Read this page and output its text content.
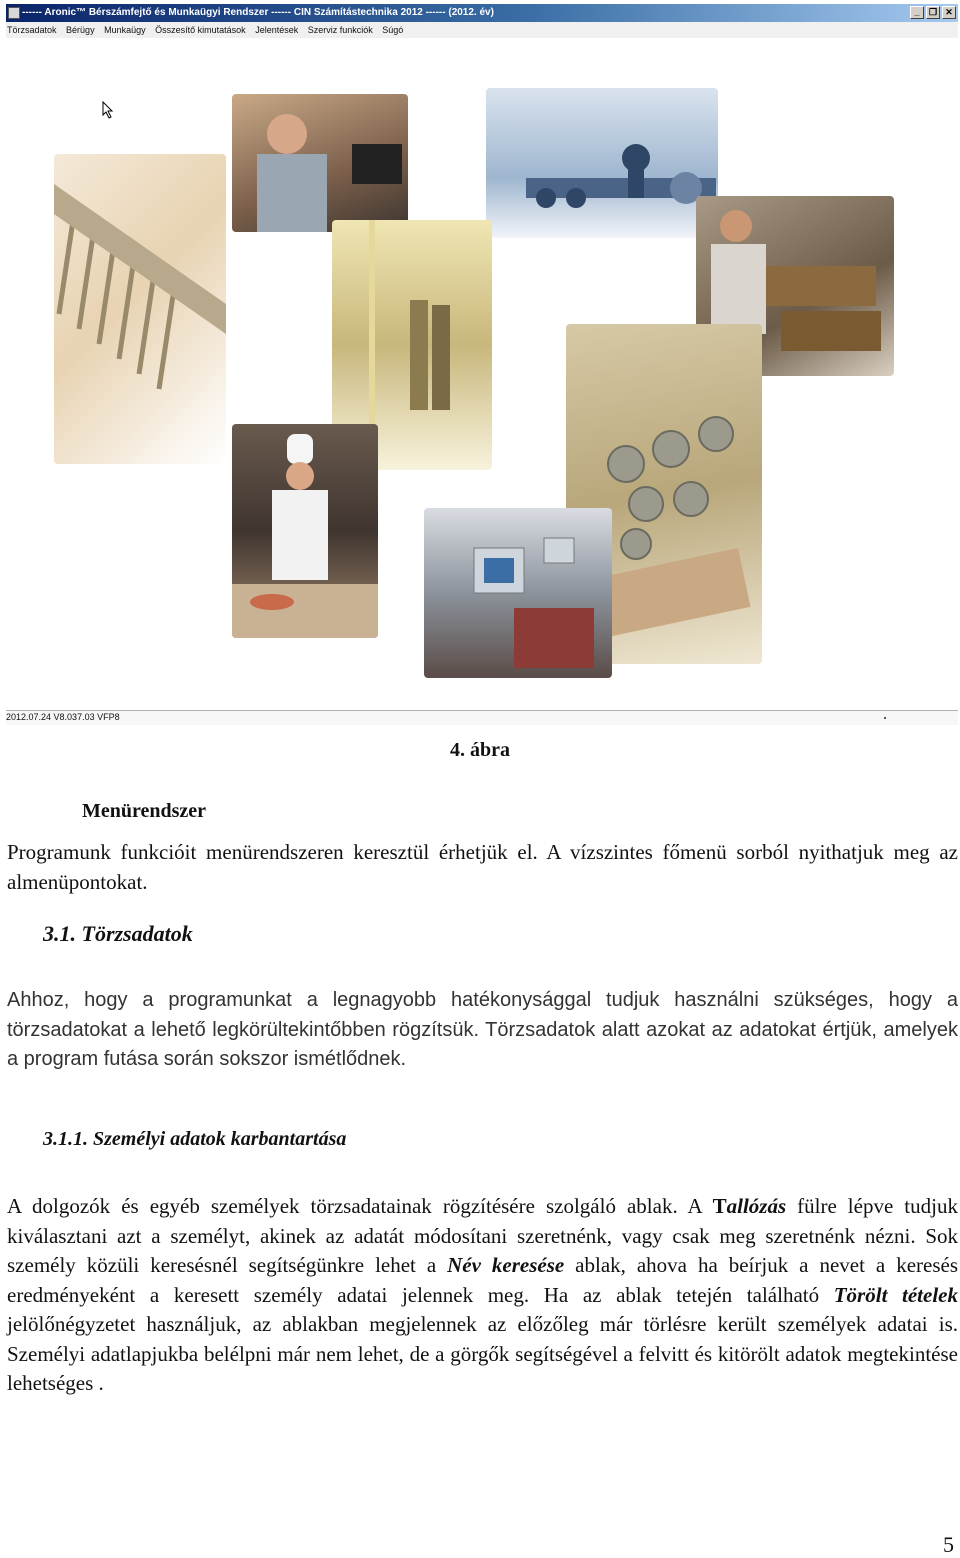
------ Aronic™ Bérszámfejtő és Munkaügyi Rendszer ------ CIN Számítástechnika 2012 ------ (2012. év)	_	❐ ✕
Törzsadatok Bérügy Munkaügy Összesítő kimutatások Jelentések Szerviz funkciók Súgó
2012.07.24 V8.037.03 VFP8
4. ábra
Menürendszer
Programunk funkcióit menürendszeren keresztül érhetjük el. A vízszintes főmenü sorból nyithatjuk meg az almenüpontokat.
3.1. Törzsadatok
Ahhoz, hogy a programunkat a legnagyobb hatékonysággal tudjuk használni szükséges, hogy a törzsadatokat a lehető legkörültekintőbben rögzítsük. Törzsadatok alatt azokat az adatokat értjük, amelyek a program futása során sokszor ismétlődnek.
3.1.1. Személyi adatok karbantartása
A dolgozók és egyéb személyek törzsadatainak rögzítésére szolgáló ablak. A Tallózás fülre lépve tudjuk kiválasztani azt a személyt, akinek az adatát módosítani szeretnénk, vagy csak meg szeretnénk nézni. Sok személy közüli keresésnél segítségünkre lehet a Név keresése ablak, ahova ha beírjuk a nevet a keresés eredményeként a keresett személy adatai jelennek meg. Ha az ablak tetején található Törölt tételek jelölőnégyzetet használjuk, az ablakban megjelennek az előzőleg már törlésre került személyek adatai is. Személyi adatlapjukba belélpni már nem lehet, de a görgők segítségével a felvitt és kitörölt adatok megtekintése lehetséges .
5
